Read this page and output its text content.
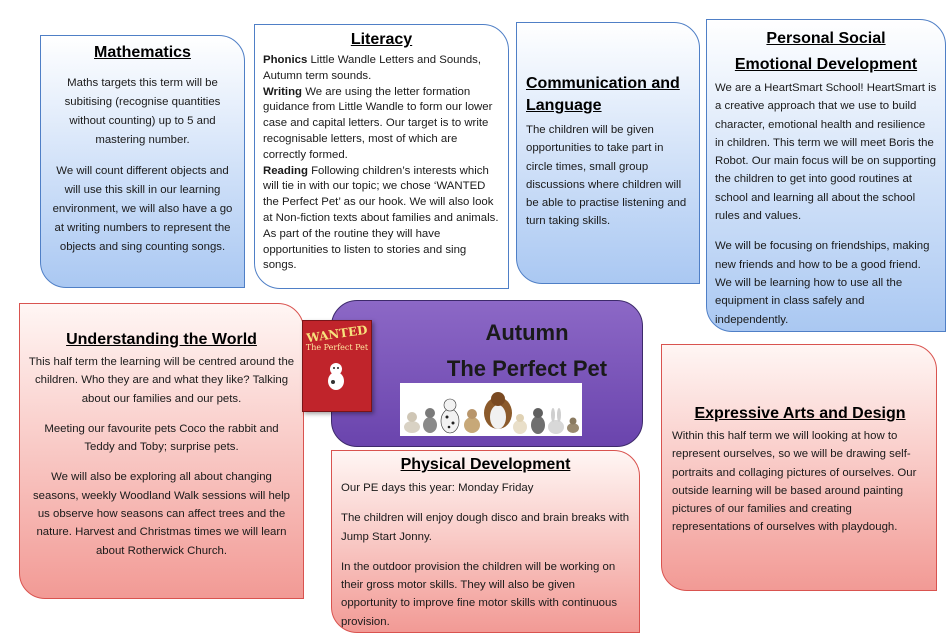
Mathematics

Maths targets this term will be subitising (recognise quantities without counting) up to 5 and mastering number.

We will count different objects and will use this skill in our learning environment, we will also have a go at writing numbers to represent the objects and sing counting songs.

Literacy

Phonics Little Wandle Letters and Sounds, Autumn term sounds.

Writing We are using the letter formation guidance from Little Wandle to form our lower case and capital letters. Our target is to write recognisable letters, most of which are correctly formed.

Reading Following children’s interests which will tie in with our topic; we chose ‘WANTED the Perfect Pet’ as our hook. We will also look at Non-fiction texts about families and animals.

As part of the routine they will have opportunities to listen to stories and sing songs.

Communication and Language

The children will be given opportunities to take part in circle times, small group discussions where children will be able to practise listening and turn taking skills.

Personal Social
Emotional Development

We are a HeartSmart School! HeartSmart is a creative approach that we use to build character, emotional health and resilience in children. This term we will meet Boris the Robot. Our main focus will be on supporting the children to get into good routines at school and learning all about the school rules and values.

We will be focusing on friendships, making new friends and how to be a good friend. We will be learning how to use all the equipment in class safely and independently.

Understanding the World

This half term the learning will be centred around the children. Who they are and what they like? Talking about our families and our pets.

Meeting our favourite pets Coco the rabbit and Teddy and Toby; surprise pets.

We will also be exploring all about changing seasons, weekly Woodland Walk sessions will help us observe how seasons can affect trees and the nature. Harvest and Christmas times we will learn about Rotherwick Church.

Autumn
The Perfect Pet
WANTED
The Perfect Pet
Physical Development

Our PE days this year: Monday Friday

The children will enjoy dough disco and brain breaks with Jump Start Jonny.

In the outdoor provision the children will be working on their gross motor skills. They will also be given opportunity to improve fine motor skills with continuous provision.

Expressive Arts and Design

Within this half term we will looking at how to represent ourselves, so we will be drawing self-portraits and collaging pictures of ourselves. Our outside learning will be based around painting pictures of our families and creating representations of ourselves with playdough.
